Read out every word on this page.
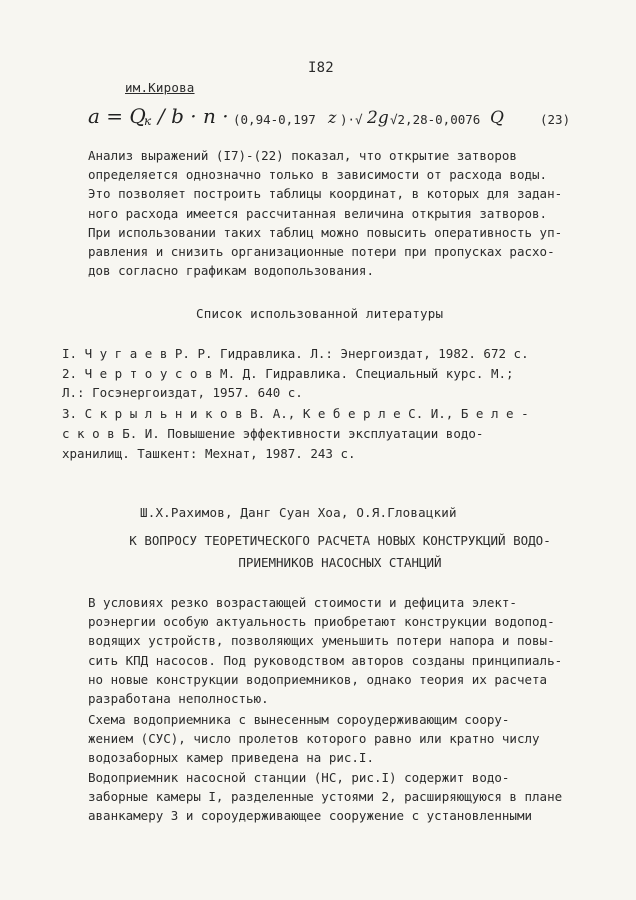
I82
им.Кирова
a = Q
к / b · n · (0,94-0,197 z )·√ 2g √2,28-0,0076 Q	(23)
Анализ выражений (I7)-(22) показал, что открытие затворов
определяется однозначно только в зависимости от расхода воды.
Это позволяет построить таблицы координат, в которых для задан-
ного расхода имеется рассчитанная величина открытия затворов.
При использовании таких таблиц можно повысить оперативность уп-
равления и снизить организационные потери при пропусках расхо-
дов согласно графикам водопользования.
Список использованной литературы
I. Ч у г а е в Р. Р. Гидравлика. Л.: Энергоиздат, 1982. 672 с.
2. Ч е р т о у с о в М. Д. Гидравлика. Специальный курс. М.;
Л.: Госэнергоиздат, 1957. 640 с.
3. С к р ы л ь н и к о в В. А., К е б е р л е С. И., Б е л е -
с к о в Б. И. Повышение эффективности эксплуатации водо-
хранилищ. Ташкент: Мехнат, 1987. 243 с.
Ш.Х.Рахимов, Данг Суан Хоа, О.Я.Гловацкий
К ВОПРОСУ ТЕОРЕТИЧЕСКОГО РАСЧЕТА НОВЫХ КОНСТРУКЦИЙ ВОДО-
ПРИЕМНИКОВ НАСОСНЫХ СТАНЦИЙ
В условиях резко возрастающей стоимости и дефицита элект-
роэнергии особую актуальность приобретают конструкции водопод-
водящих устройств, позволяющих уменьшить потери напора и повы-
сить КПД насосов. Под руководством авторов созданы принципиаль-
но новые конструкции водоприемников, однако теория их расчета
разработана неполностью.
Схема водоприемника с вынесенным сороудерживающим соору-
жением (СУС), число пролетов которого равно или кратно числу
водозаборных камер приведена на рис.I.
Водоприемник насосной станции (НС, рис.I) содержит водо-
заборные камеры I, разделенные устоями 2, расширяющуюся в плане
аванкамеру 3 и сороудерживающее сооружение с установленными
